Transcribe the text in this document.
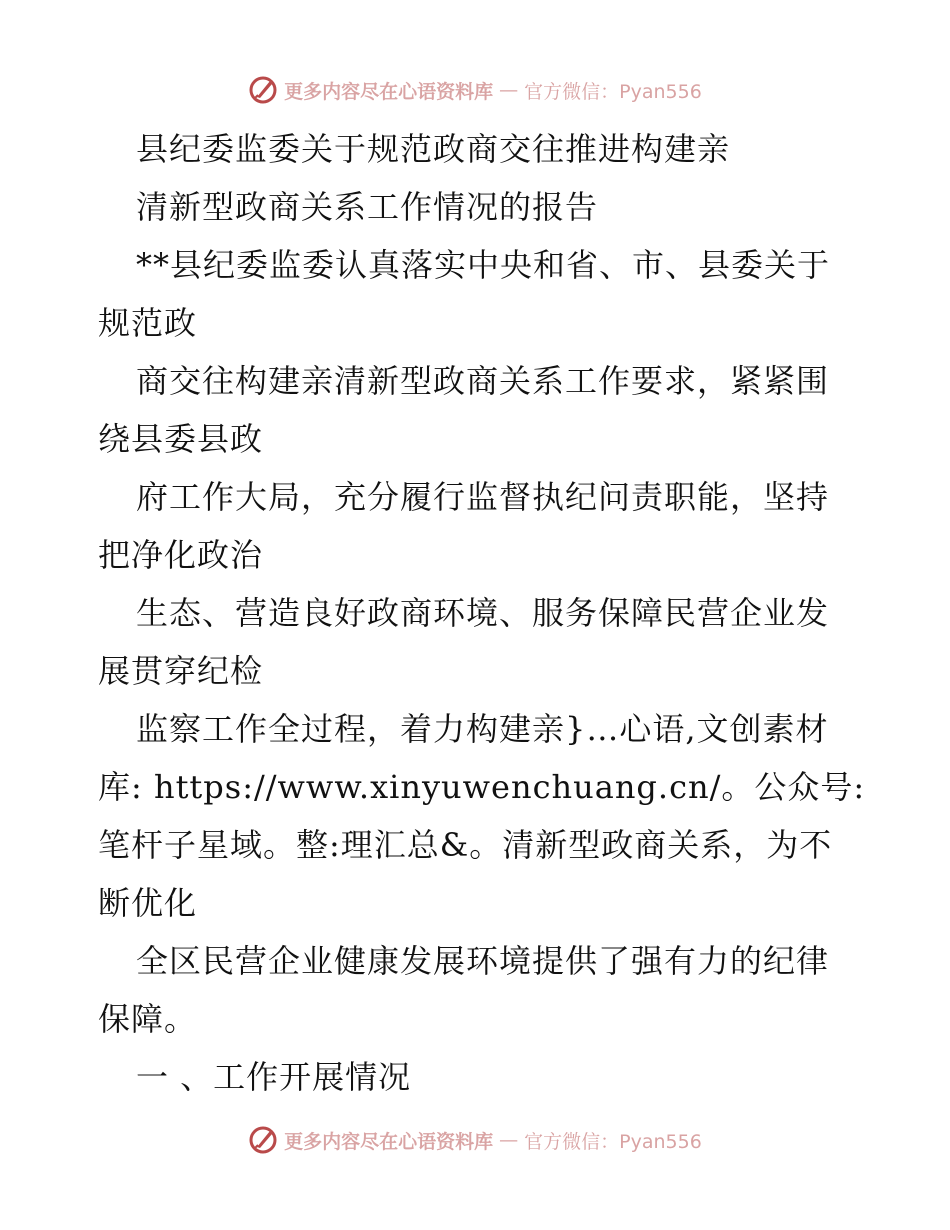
更多内容尽在心语资料库 — 官方微信：Pyan556
县纪委监委关于规范政商交往推进构建亲
清新型政商关系工作情况的报告
**县纪委监委认真落实中央和省、市、县委关于
规范政
商交往构建亲清新型政商关系工作要求，紧紧围
绕县委县政
府工作大局，充分履行监督执纪问责职能，坚持
把净化政治
生态、营造良好政商环境、服务保障民营企业发
展贯穿纪检
监察工作全过程，着力构建亲}…心语,文创素材
库: https://www.xinyuwenchuang.cn/。公众号:
笔杆子星域。整:理汇总&。清新型政商关系，为不
断优化
全区民营企业健康发展环境提供了强有力的纪律
保障。
一 、工作开展情况
更多内容尽在心语资料库 — 官方微信：Pyan556
